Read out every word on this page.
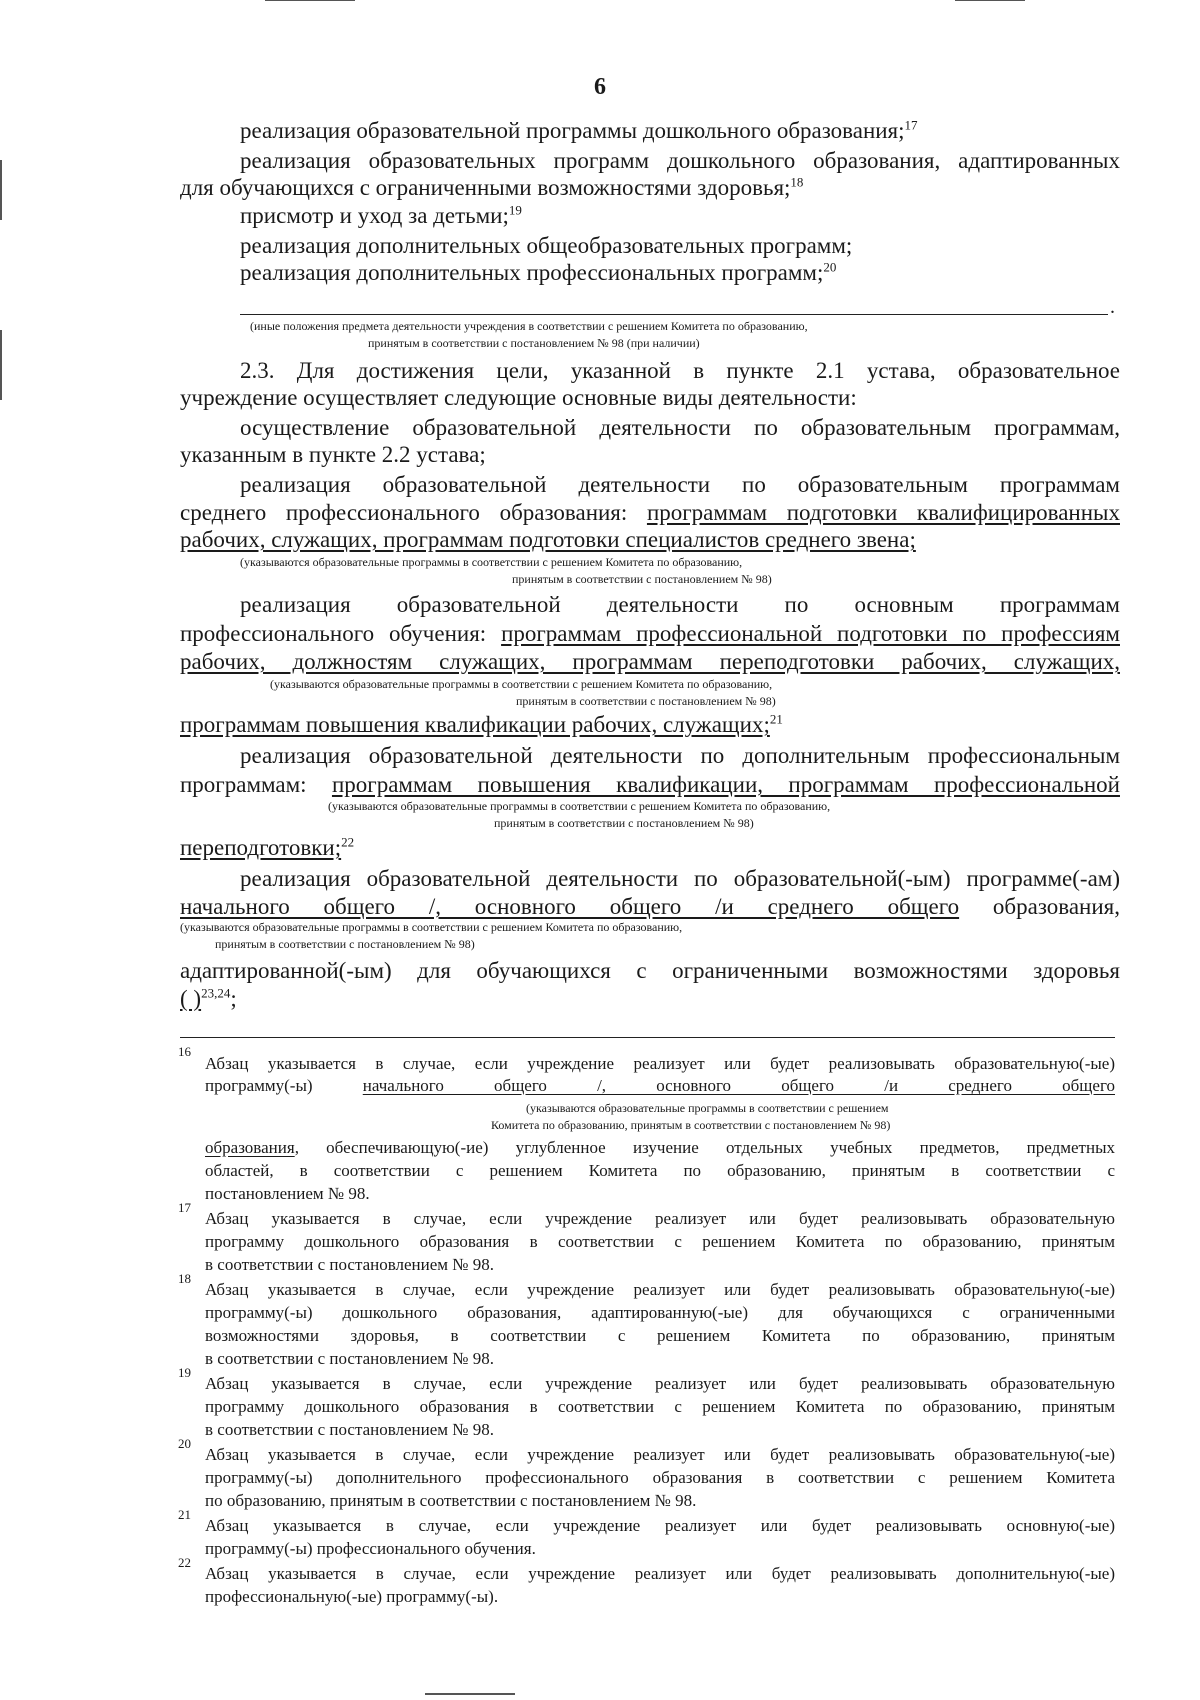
6
реализация образовательной программы дошкольного образования;$^{17}$
реализация образовательных программ дошкольного образования, адаптированных
для обучающихся с ограниченными возможностями здоровья;$^{18}$
присмотр и уход за детьми;$^{19}$
реализация дополнительных общеобразовательных программ;
реализация дополнительных профессиональных программ;$^{20}$
.
(иные положения предмета деятельности учреждения в соответствии с решением Комитета по образованию,
принятым в соответствии с постановлением № 98 (при наличии)
2.3. Для достижения цели, указанной в пункте 2.1 устава, образовательное
учреждение осуществляет следующие основные виды деятельности:
осуществление образовательной деятельности по образовательным программам,
указанным в пункте 2.2 устава;
реализация образовательной деятельности по образовательным программам
среднего профессионального образования: программам подготовки квалифицированных
рабочих, служащих, программам подготовки специалистов среднего звена;
(указываются образовательные программы в соответствии с решением Комитета по образованию,
принятым в соответствии с постановлением № 98)
реализация образовательной деятельности по основным программам
профессионального обучения: программам профессиональной подготовки по профессиям
рабочих, должностям служащих, программам переподготовки рабочих, служащих,
(указываются образовательные программы в соответствии с решением Комитета по образованию,
принятым в соответствии с постановлением № 98)
программам повышения квалификации рабочих, служащих;$^{21}$
реализация образовательной деятельности по дополнительным профессиональным
программам: программам повышения квалификации, программам профессиональной
(указываются образовательные программы в соответствии с решением Комитета по образованию,
принятым в соответствии с постановлением № 98)
переподготовки;$^{22}$
реализация образовательной деятельности по образовательной(-ым) программе(-ам)
начального общего /, основного общего /и среднего общего образования,
(указываются образовательные программы в соответствии с решением Комитета по образованию,
принятым в соответствии с постановлением № 98)
адаптированной(-ым) для обучающихся с ограниченными возможностями здоровья
( )$^{23,24}$;
16
Абзац указывается в случае, если учреждение реализует или будет реализовывать образовательную(-ые)
программу(-ы) начального общего /, основного общего /и среднего общего
(указываются образовательные программы в соответствии с решением
Комитета по образованию, принятым в соответствии с постановлением № 98)
образования, обеспечивающую(-ие) углубленное изучение отдельных учебных предметов, предметных
областей, в соответствии с решением Комитета по образованию, принятым в соответствии с
постановлением № 98.
17
Абзац указывается в случае, если учреждение реализует или будет реализовывать образовательную
программу дошкольного образования в соответствии с решением Комитета по образованию, принятым
в соответствии с постановлением № 98.
18
Абзац указывается в случае, если учреждение реализует или будет реализовывать образовательную(-ые)
программу(-ы) дошкольного образования, адаптированную(-ые) для обучающихся с ограниченными
возможностями здоровья, в соответствии с решением Комитета по образованию, принятым
в соответствии с постановлением № 98.
19
Абзац указывается в случае, если учреждение реализует или будет реализовывать образовательную
программу дошкольного образования в соответствии с решением Комитета по образованию, принятым
в соответствии с постановлением № 98.
20
Абзац указывается в случае, если учреждение реализует или будет реализовывать образовательную(-ые)
программу(-ы) дополнительного профессионального образования в соответствии с решением Комитета
по образованию, принятым в соответствии с постановлением № 98.
21
Абзац указывается в случае, если учреждение реализует или будет реализовывать основную(-ые)
программу(-ы) профессионального обучения.
22
Абзац указывается в случае, если учреждение реализует или будет реализовывать дополнительную(-ые)
профессиональную(-ые) программу(-ы).
